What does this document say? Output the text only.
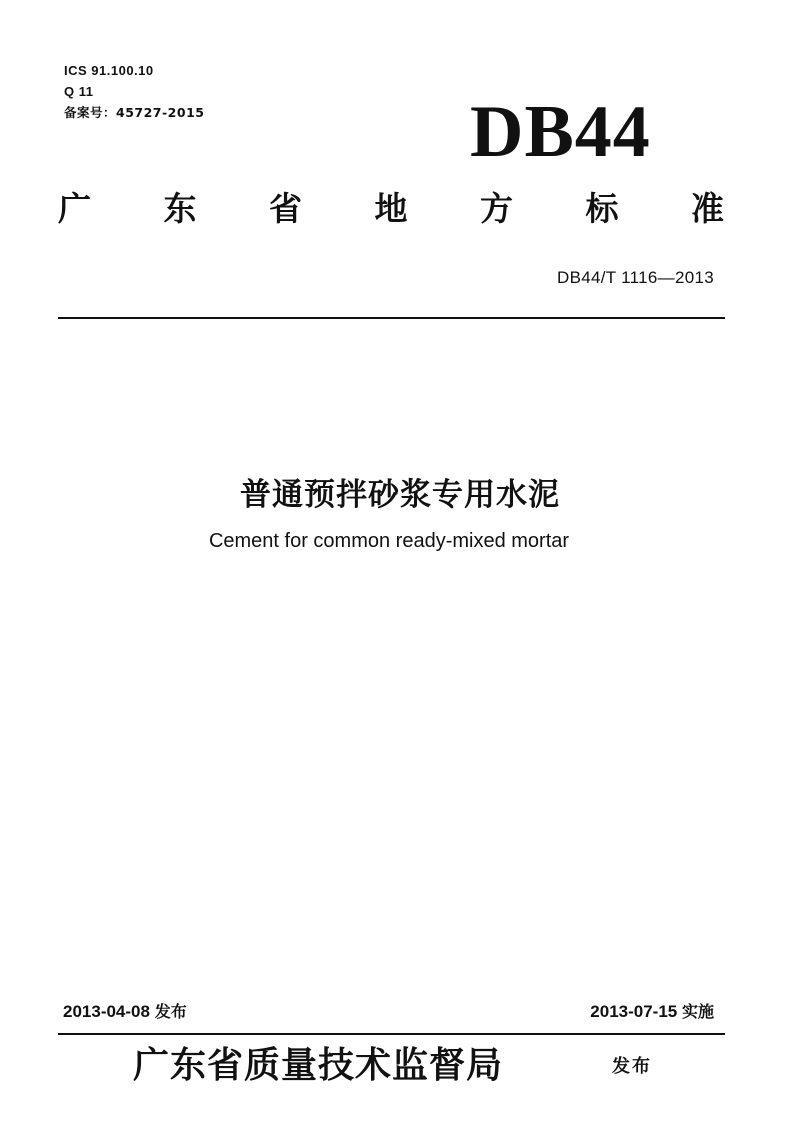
ICS 91.100.10
Q 11
备案号：45727-2015	DB44
广 东 省 地 方 标 准
DB44/T 1116—2013
普通预拌砂浆专用水泥
Cement for common ready-mixed mortar
2013-04-08 发布	2013-07-15 实施
广东省质量技术监督局	发布
